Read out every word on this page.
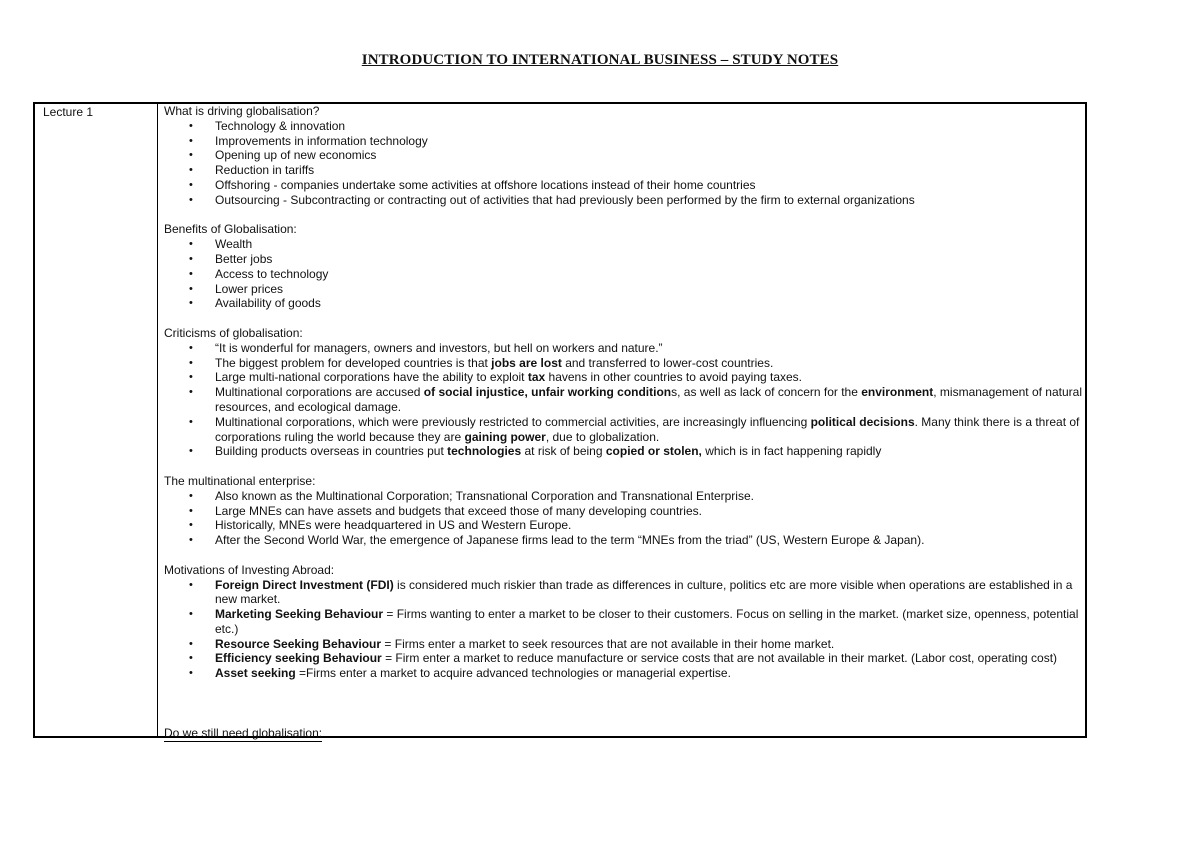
INTRODUCTION TO INTERNATIONAL BUSINESS – STUDY NOTES
Lecture 1	What is driving globalisation?
• Technology & innovation
• Improvements in information technology
• Opening up of new economics
• Reduction in tariffs
• Offshoring - companies undertake some activities at offshore locations instead of their home countries
• Outsourcing - Subcontracting or contracting out of activities that had previously been performed by the firm to external organizations
Benefits of Globalisation:
• Wealth
• Better jobs
• Access to technology
• Lower prices
• Availability of goods
Criticisms of globalisation:
• “It is wonderful for managers, owners and investors, but hell on workers and nature.”
• The biggest problem for developed countries is that jobs are lost and transferred to lower-cost countries.
• Large multi-national corporations have the ability to exploit tax havens in other countries to avoid paying taxes.
• Multinational corporations are accused of social injustice, unfair working conditions, as well as lack of concern for the environment, mismanagement of natural resources, and ecological damage.
• Multinational corporations, which were previously restricted to commercial activities, are increasingly influencing political decisions. Many think there is a threat of corporations ruling the world because they are gaining power, due to globalization.
• Building products overseas in countries put technologies at risk of being copied or stolen, which is in fact happening rapidly
The multinational enterprise:
• Also known as the Multinational Corporation; Transnational Corporation and Transnational Enterprise.
• Large MNEs can have assets and budgets that exceed those of many developing countries.
• Historically, MNEs were headquartered in US and Western Europe.
• After the Second World War, the emergence of Japanese firms lead to the term “MNEs from the triad” (US, Western Europe & Japan).
Motivations of Investing Abroad:
• Foreign Direct Investment (FDI) is considered much riskier than trade as differences in culture, politics etc are more visible when operations are established in a new market.
• Marketing Seeking Behaviour = Firms wanting to enter a market to be closer to their customers. Focus on selling in the market. (market size, openness, potential etc.)
• Resource Seeking Behaviour = Firms enter a market to seek resources that are not available in their home market.
• Efficiency seeking Behaviour = Firm enter a market to reduce manufacture or service costs that are not available in their market. (Labor cost, operating cost)
• Asset seeking =Firms enter a market to acquire advanced technologies or managerial expertise.
Do we still need globalisation:
